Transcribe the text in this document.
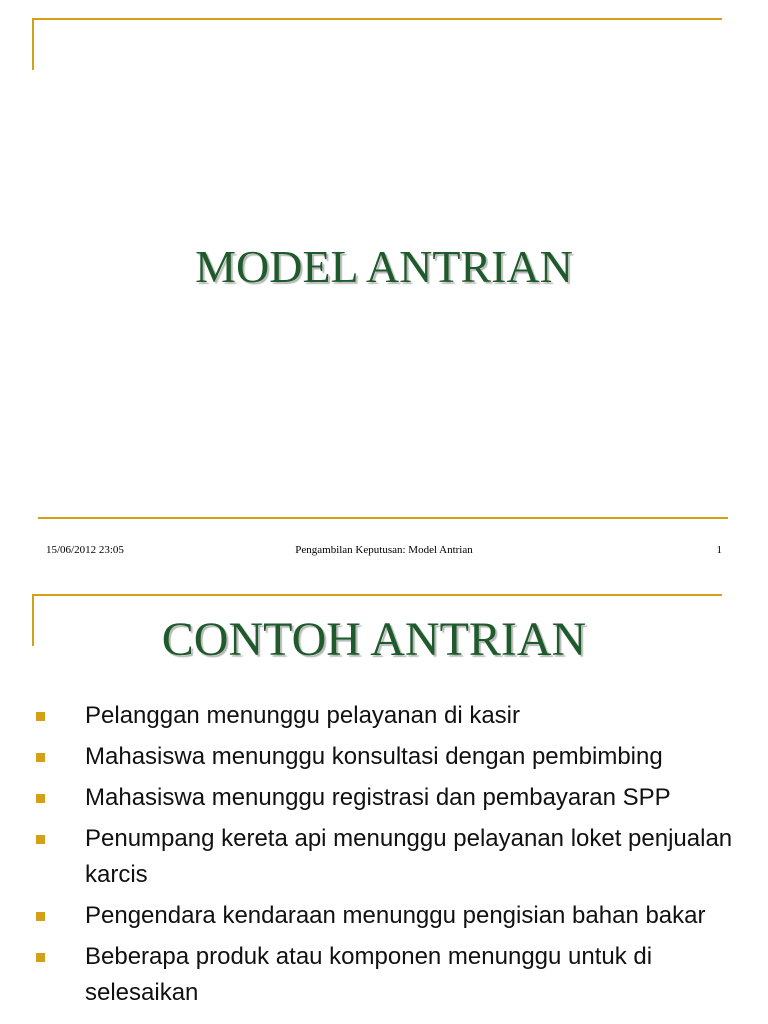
MODEL ANTRIAN
15/06/2012 23:05	Pengambilan Keputusan: Model Antrian	1
CONTOH ANTRIAN
Pelanggan menunggu pelayanan di kasir
Mahasiswa menunggu konsultasi dengan pembimbing
Mahasiswa menunggu registrasi dan pembayaran SPP
Penumpang kereta api menunggu pelayanan loket penjualan karcis
Pengendara kendaraan menunggu pengisian bahan bakar
Beberapa produk atau komponen menunggu untuk di selesaikan
